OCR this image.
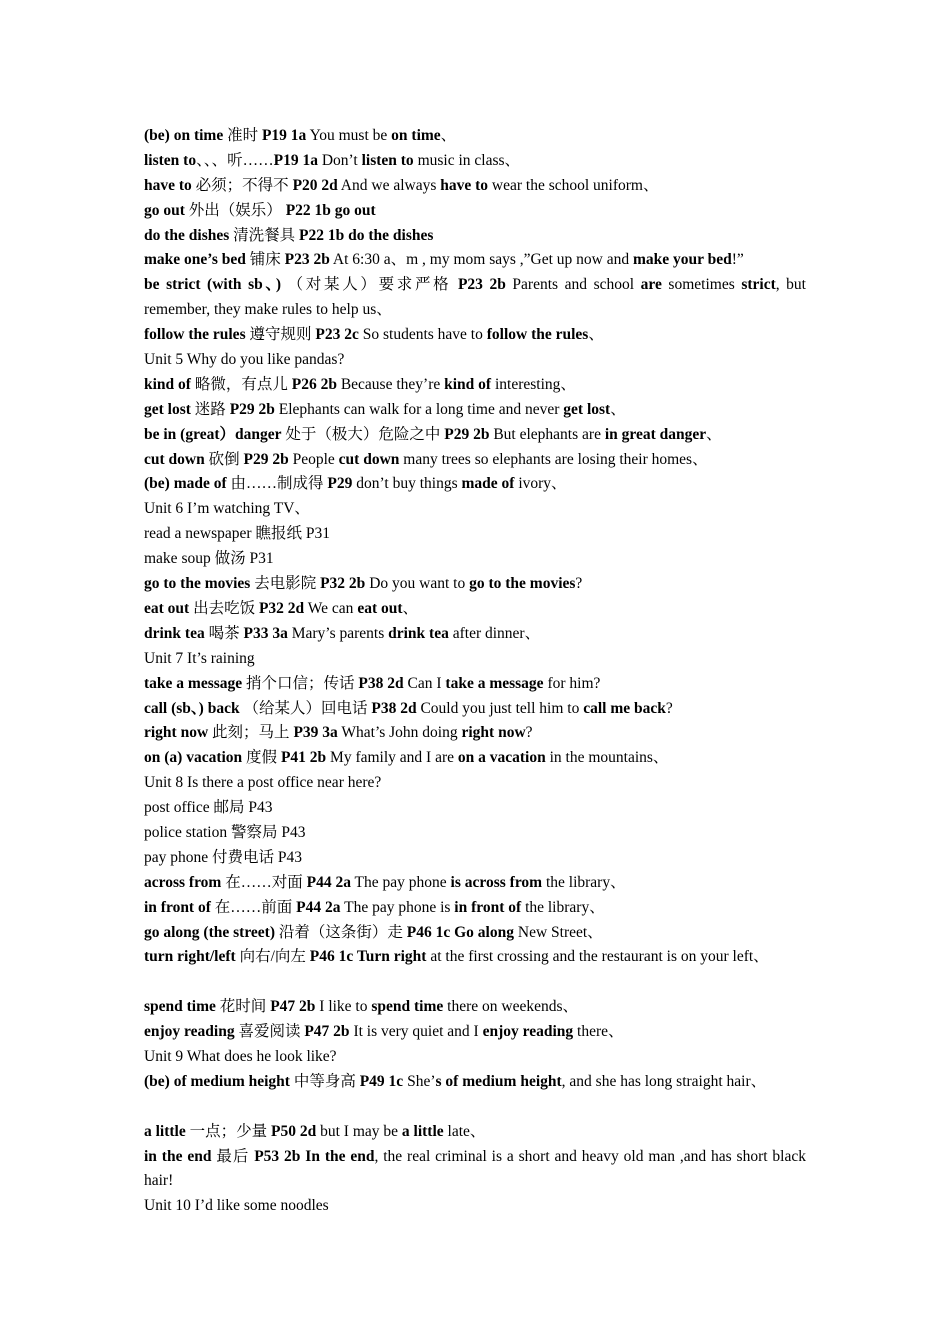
(be) on time 准时 P19 1a You must be on time、
listen to、、、听……P19 1a Don’t listen to music in class、
have to 必须；不得不 P20 2d And we always have to wear the school uniform、
go out 外出（娱乐） P22 1b go out
do the dishes 清洗餐具 P22 1b do the dishes
make one’s bed 铺床 P23 2b At 6:30 a、m , my mom says ,”Get up now and make your bed!”
be strict (with sb、) （对某人）要求严格 P23 2b Parents and school are sometimes strict, but remember, they make rules to help us、
follow the rules 遵守规则 P23 2c So students have to follow the rules、
Unit 5 Why do you like pandas?
kind of 略微，有点儿 P26 2b Because they’re kind of interesting、
get lost 迷路 P29 2b Elephants can walk for a long time and never get lost、
be in (great）danger 处于（极大）危险之中 P29 2b But elephants are in great danger、
cut down 砍倒 P29 2b People cut down many trees so elephants are losing their homes、
(be) made of 由……制成得 P29 don’t buy things made of ivory、
Unit 6 I’m watching TV、
read a newspaper 瞧报纸 P31
make soup 做汤 P31
go to the movies 去电影院 P32 2b Do you want to go to the movies?
eat out 出去吃饭 P32 2d We can eat out、
drink tea 喝茶 P33 3a Mary’s parents drink tea after dinner、
Unit 7 It’s raining
take a message 捎个口信；传话 P38 2d Can I take a message for him?
call (sb、) back （给某人）回电话 P38 2d Could you just tell him to call me back?
right now 此刻；马上 P39 3a What’s John doing right now?
on (a) vacation 度假 P41 2b My family and I are on a vacation in the mountains、
Unit 8 Is there a post office near here?
post office 邮局 P43
police station 警察局 P43
pay phone 付费电话 P43
across from 在……对面 P44 2a The pay phone is across from the library、
in front of 在……前面 P44 2a The pay phone is in front of the library、
go along (the street) 沿着（这条街）走 P46 1c Go along New Street、
turn right/left 向右/向左 P46 1c Turn right at the first crossing and the restaurant is on your left、
spend time 花时间 P47 2b I like to spend time there on weekends、
enjoy reading 喜爱阅读 P47 2b It is very quiet and I enjoy reading there、
Unit 9 What does he look like?
(be) of medium height 中等身高 P49 1c She’s of medium height, and she has long straight hair、
a little 一点；少量 P50 2d but I may be a little late、
in the end 最后 P53 2b In the end, the real criminal is a short and heavy old man ,and has short black hair!
Unit 10 I’d like some noodles
